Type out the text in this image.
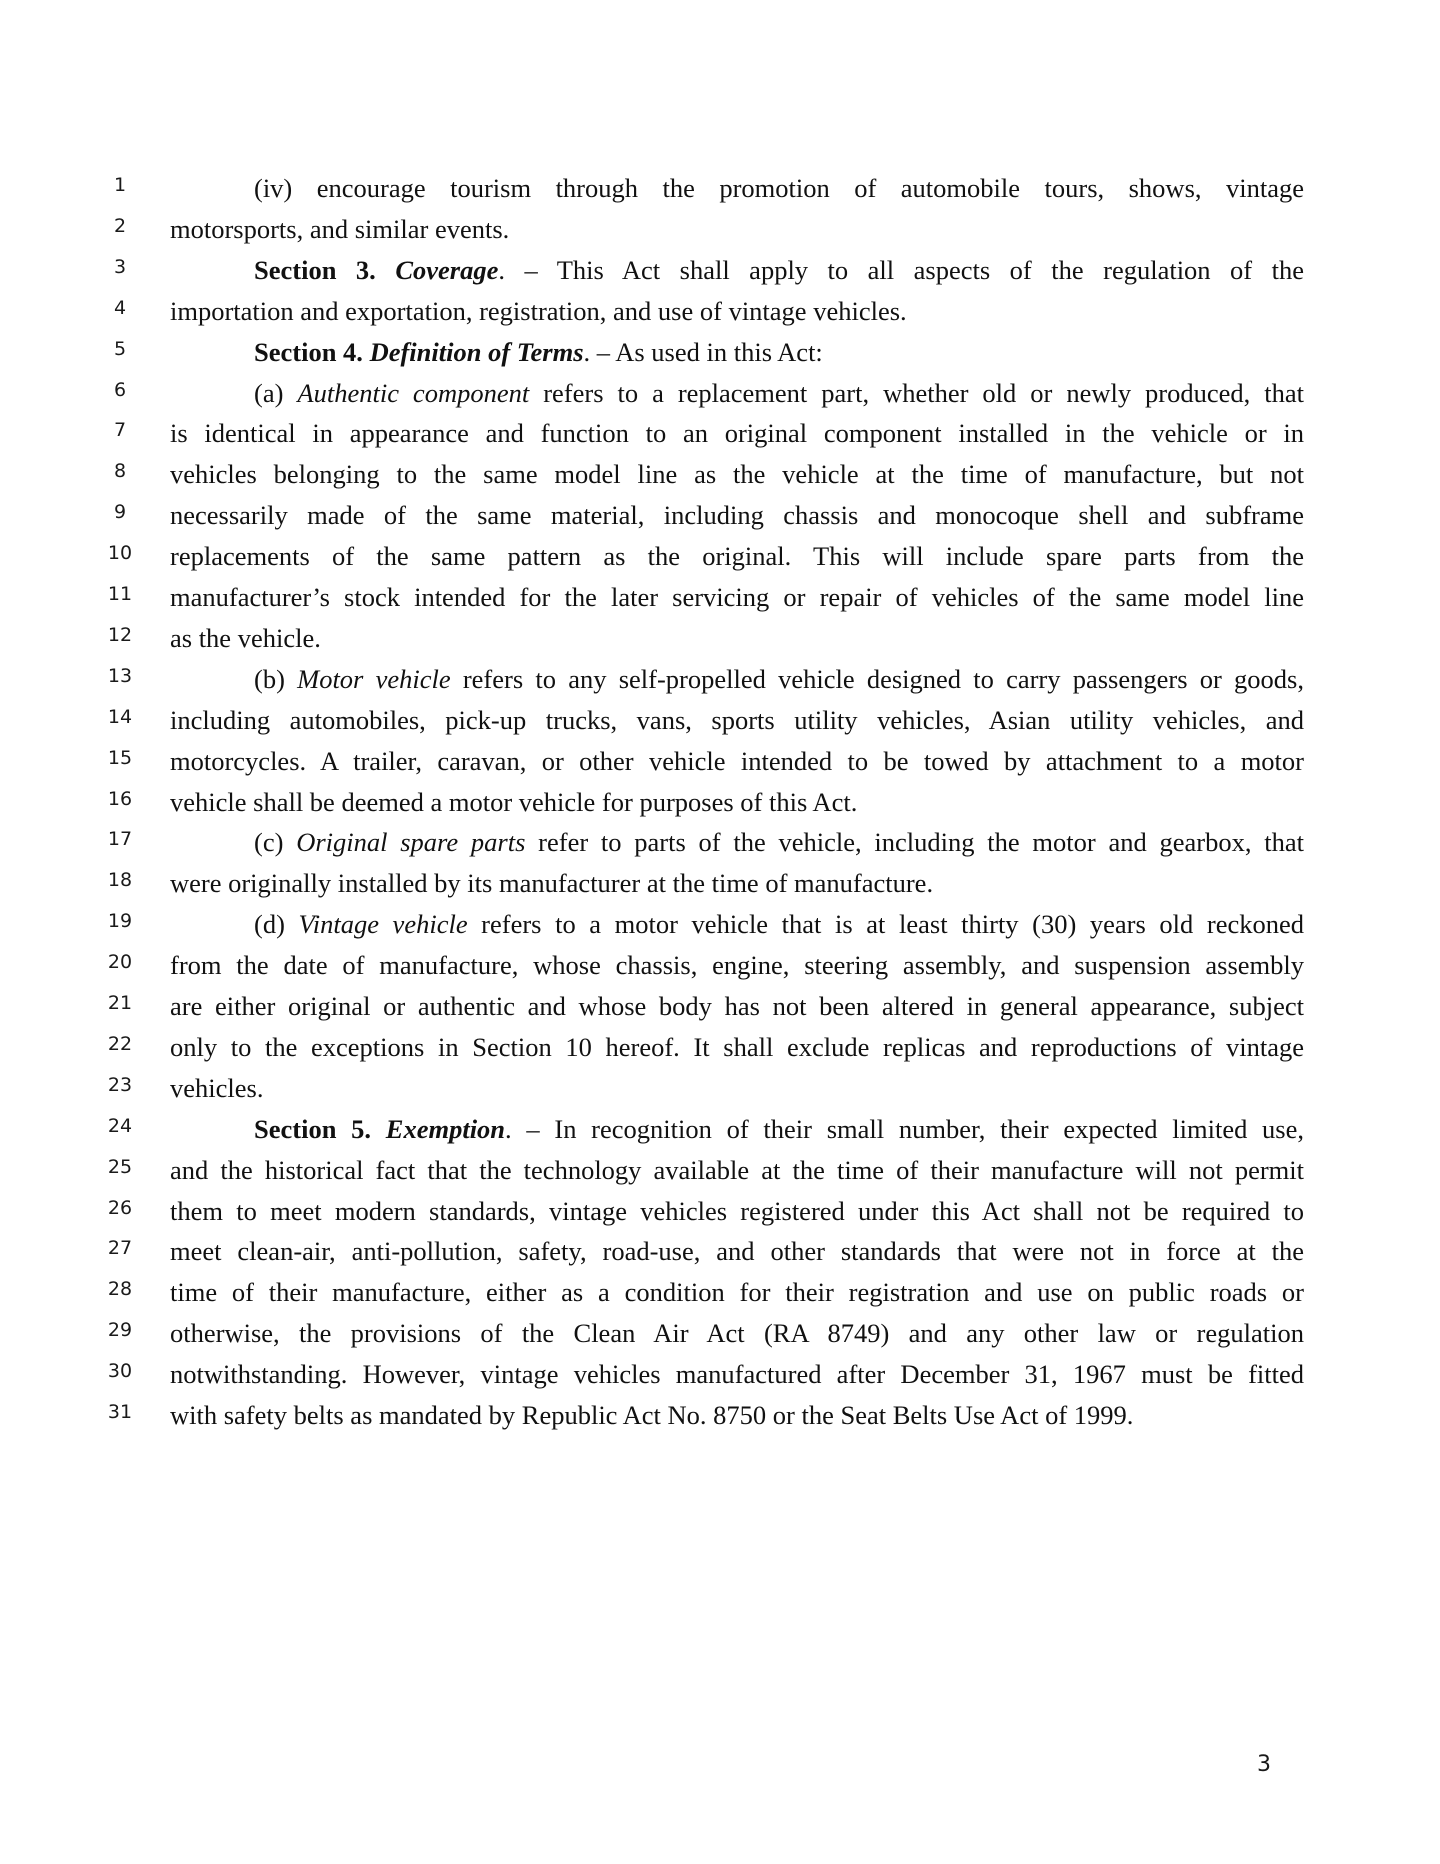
1	(iv) encourage tourism through the promotion of automobile tours, shows, vintage
2	motorsports, and similar events.
3	Section 3. Coverage. – This Act shall apply to all aspects of the regulation of the
4	importation and exportation, registration, and use of vintage vehicles.
5	Section 4. Definition of Terms. – As used in this Act:
6	(a) Authentic component refers to a replacement part, whether old or newly produced, that
7	is identical in appearance and function to an original component installed in the vehicle or in
8	vehicles belonging to the same model line as the vehicle at the time of manufacture, but not
9	necessarily made of the same material, including chassis and monocoque shell and subframe
10 replacements of the same pattern as the original. This will include spare parts from the
11 manufacturer’s stock intended for the later servicing or repair of vehicles of the same model line
12 as the vehicle.
13	(b) Motor vehicle refers to any self-propelled vehicle designed to carry passengers or goods,
14 including automobiles, pick-up trucks, vans, sports utility vehicles, Asian utility vehicles, and
15 motorcycles. A trailer, caravan, or other vehicle intended to be towed by attachment to a motor
16 vehicle shall be deemed a motor vehicle for purposes of this Act.
17	(c) Original spare parts refer to parts of the vehicle, including the motor and gearbox, that
18 were originally installed by its manufacturer at the time of manufacture.
19	(d) Vintage vehicle refers to a motor vehicle that is at least thirty (30) years old reckoned
20 from the date of manufacture, whose chassis, engine, steering assembly, and suspension assembly
21 are either original or authentic and whose body has not been altered in general appearance, subject
22 only to the exceptions in Section 10 hereof. It shall exclude replicas and reproductions of vintage
23 vehicles.
24	Section 5. Exemption. – In recognition of their small number, their expected limited use,
25 and the historical fact that the technology available at the time of their manufacture will not permit
26 them to meet modern standards, vintage vehicles registered under this Act shall not be required to
27 meet clean-air, anti-pollution, safety, road-use, and other standards that were not in force at the
28 time of their manufacture, either as a condition for their registration and use on public roads or
29 otherwise, the provisions of the Clean Air Act (RA 8749) and any other law or regulation
30 notwithstanding. However, vintage vehicles manufactured after December 31, 1967 must be fitted
31 with safety belts as mandated by Republic Act No. 8750 or the Seat Belts Use Act of 1999.
3
